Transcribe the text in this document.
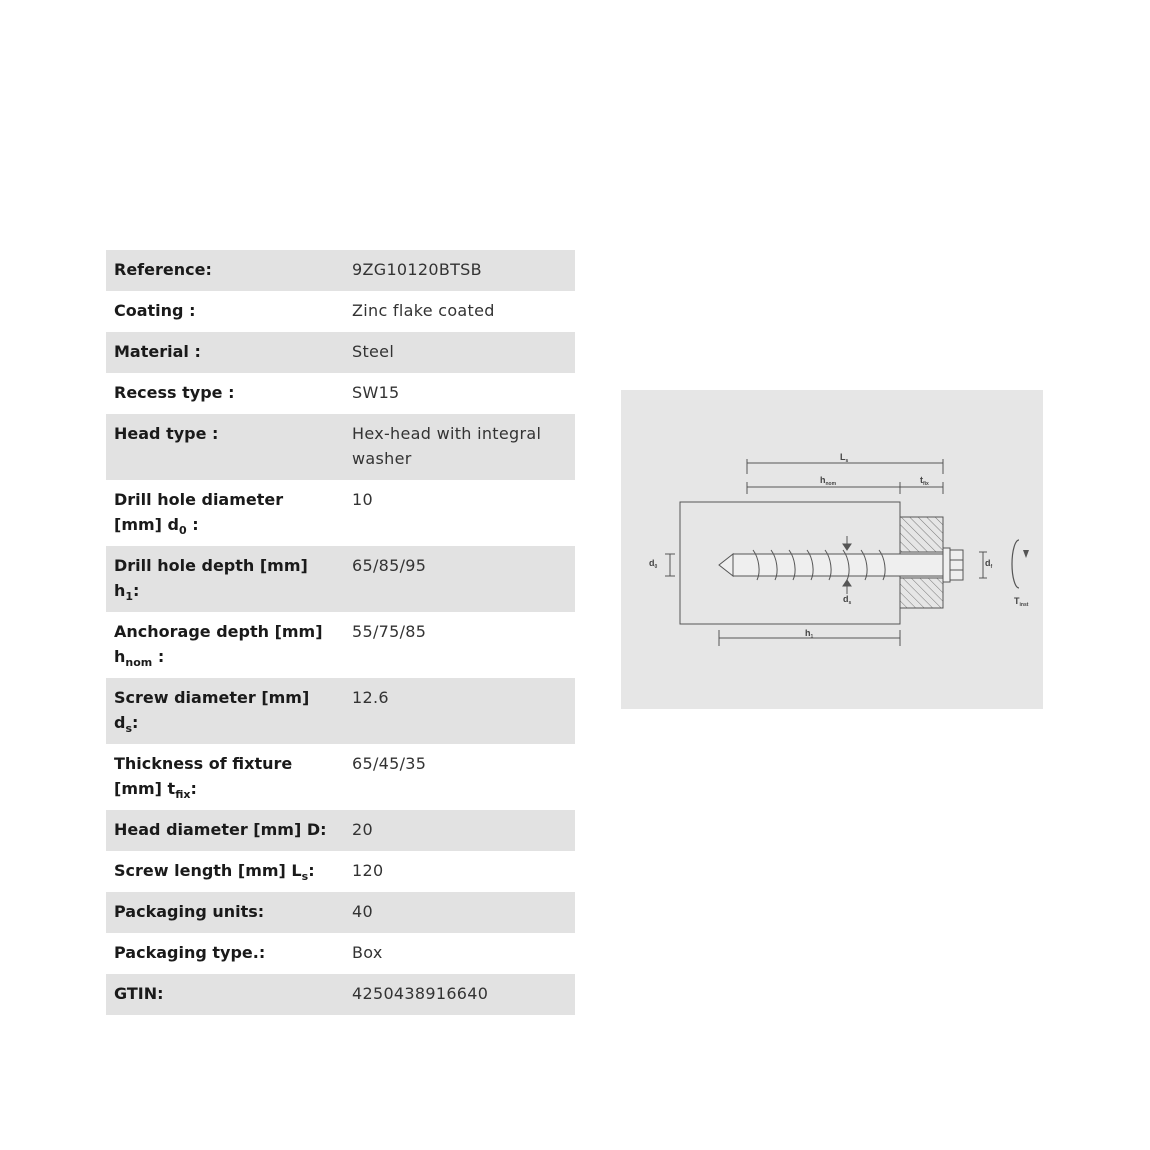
Reference:	9ZG10120BTSB
Coating :	Zinc flake coated
Material :	Steel
Recess type :	SW15
Head type :	Hex-head with integral washer
Drill hole diameter [mm] $d_0$ :	10
Drill hole depth [mm] $h_1$:	65/85/95
Anchorage depth [mm] $h_{nom}$ :	55/75/85
Screw diameter [mm] $d_s$:	12.6
Thickness of fixture [mm] $t_{fix}$:	65/45/35
Head diameter [mm] D:	20
Screw length [mm] $L_s$:	120
Packaging units:	40
Packaging type.:	Box
GTIN:	4250438916640
$L_s$
$h_{nom}$	$t_{fix}$
$d_0$
$d_s$
$d_f$
$h_1$
$T_{inst}$
